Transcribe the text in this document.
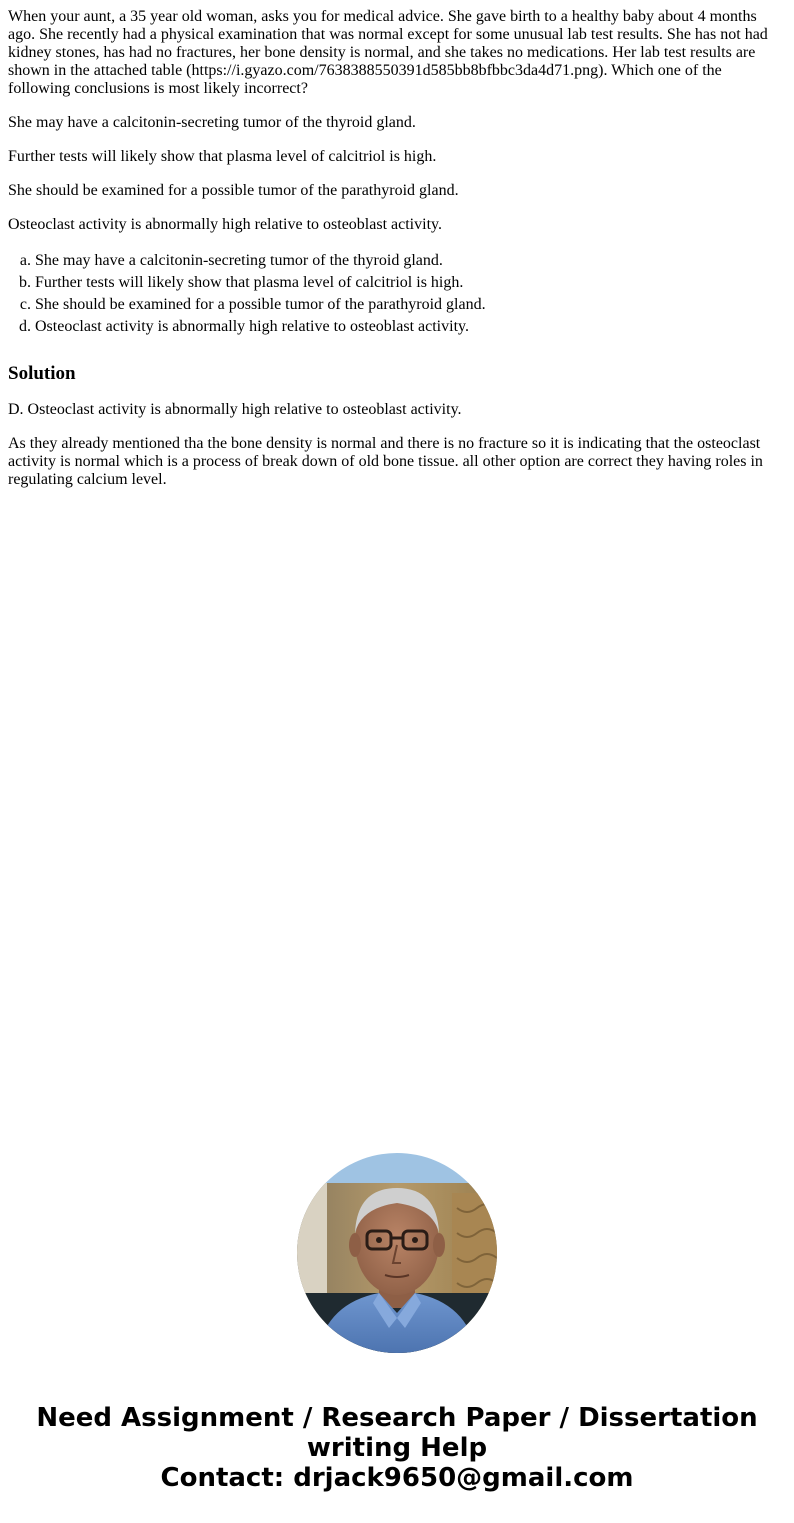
When your aunt, a 35 year old woman, asks you for medical advice. She gave birth to a healthy baby about 4 months ago. She recently had a physical examination that was normal except for some unusual lab test results. She has not had kidney stones, has had no fractures, her bone density is normal, and she takes no medications. Her lab test results are shown in the attached table (https://i.gyazo.com/7638388550391d585bb8bfbbc3da4d71.png). Which one of the following conclusions is most likely incorrect?

She may have a calcitonin-secreting tumor of the thyroid gland.

Further tests will likely show that plasma level of calcitriol is high.

She should be examined for a possible tumor of the parathyroid gland.

Osteoclast activity is abnormally high relative to osteoblast activity.

a. She may have a calcitonin-secreting tumor of the thyroid gland.
b. Further tests will likely show that plasma level of calcitriol is high.
c. She should be examined for a possible tumor of the parathyroid gland.
d. Osteoclast activity is abnormally high relative to osteoblast activity.
Solution

D. Osteoclast activity is abnormally high relative to osteoblast activity.

As they already mentioned tha the bone density is normal and there is no fracture so it is indicating that the osteoclast activity is normal which is a process of break down of old bone tissue. all other option are correct they having roles in regulating calcium level.

Need Assignment / Research Paper / Dissertation
writing Help
Contact: drjack9650@gmail.com
